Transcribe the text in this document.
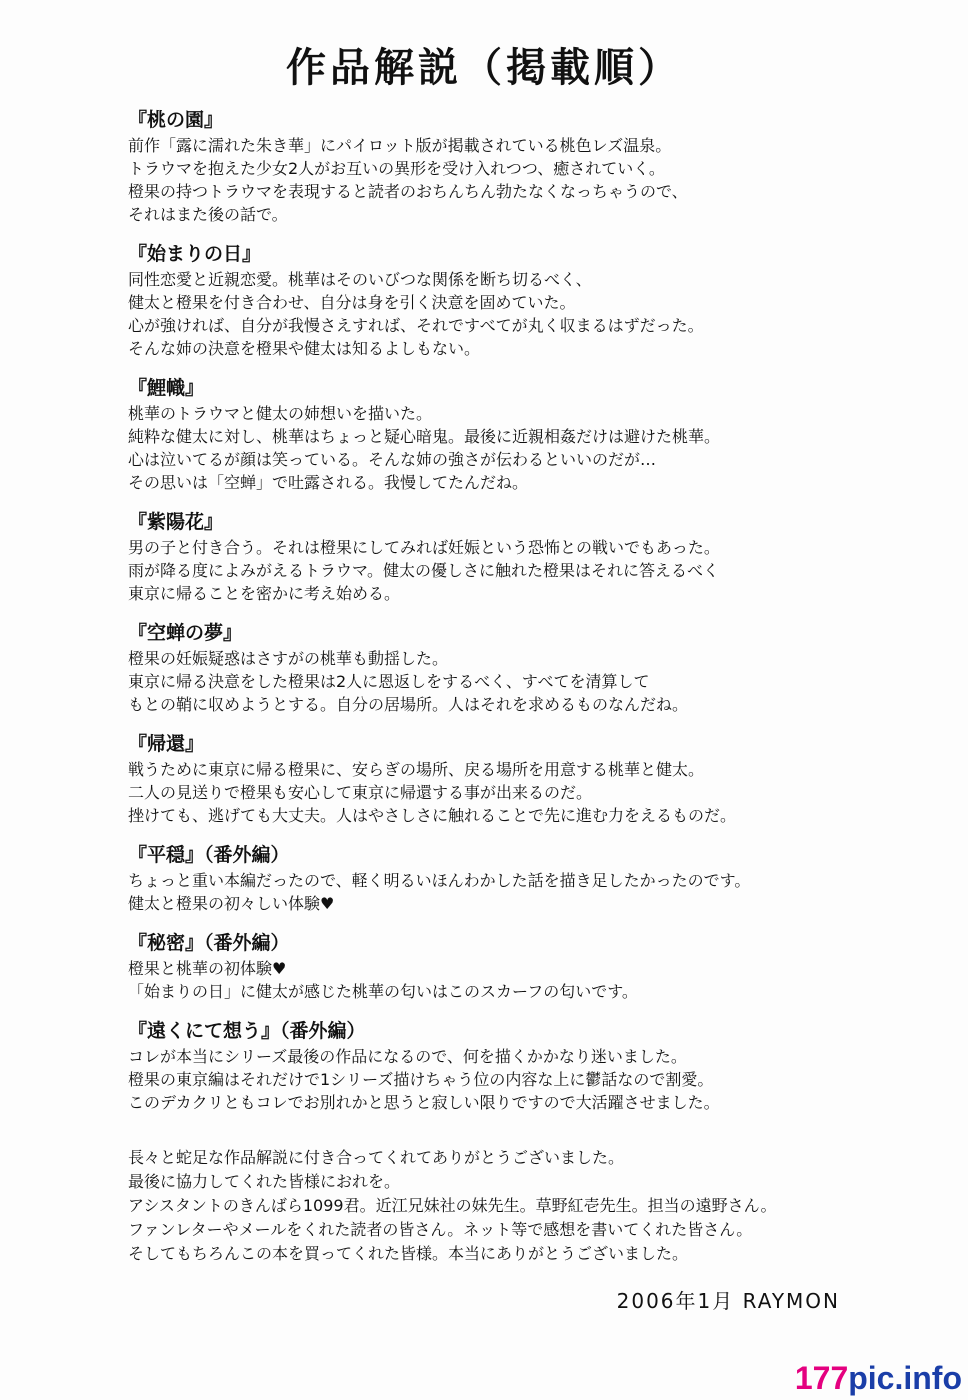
作品解説（掲載順）

『桃の園』

前作「露に濡れた朱き華」にパイロット版が掲載されている桃色レズ温泉。

トラウマを抱えた少女2人がお互いの異形を受け入れつつ、癒されていく。

橙果の持つトラウマを表現すると読者のおちんちん勃たなくなっちゃうので、

それはまた後の話で。

『始まりの日』

同性恋愛と近親恋愛。桃華はそのいびつな関係を断ち切るべく、

健太と橙果を付き合わせ、自分は身を引く決意を固めていた。

心が強ければ、自分が我慢さえすれば、それですべてが丸く収まるはずだった。

そんな姉の決意を橙果や健太は知るよしもない。

『鯉幟』

桃華のトラウマと健太の姉想いを描いた。

純粋な健太に対し、桃華はちょっと疑心暗鬼。最後に近親相姦だけは避けた桃華。

心は泣いてるが顔は笑っている。そんな姉の強さが伝わるといいのだが…

その思いは「空蝉」で吐露される。我慢してたんだね。

『紫陽花』

男の子と付き合う。それは橙果にしてみれば妊娠という恐怖との戦いでもあった。

雨が降る度によみがえるトラウマ。健太の優しさに触れた橙果はそれに答えるべく

東京に帰ることを密かに考え始める。

『空蝉の夢』

橙果の妊娠疑惑はさすがの桃華も動揺した。

東京に帰る決意をした橙果は2人に恩返しをするべく、すべてを清算して

もとの鞘に収めようとする。自分の居場所。人はそれを求めるものなんだね。

『帰還』

戦うために東京に帰る橙果に、安らぎの場所、戻る場所を用意する桃華と健太。

二人の見送りで橙果も安心して東京に帰還する事が出来るのだ。

挫けても、逃げても大丈夫。人はやさしさに触れることで先に進む力をえるものだ。

『平穏』（番外編）

ちょっと重い本編だったので、軽く明るいほんわかした話を描き足したかったのです。

健太と橙果の初々しい体験♥

『秘密』（番外編）

橙果と桃華の初体験♥

「始まりの日」に健太が感じた桃華の匂いはこのスカーフの匂いです。

『遠くにて想う』（番外編）

コレが本当にシリーズ最後の作品になるので、何を描くかかなり迷いました。

橙果の東京編はそれだけで1シリーズ描けちゃう位の内容な上に鬱話なので割愛。

このデカクリともコレでお別れかと思うと寂しい限りですので大活躍させました。

長々と蛇足な作品解説に付き合ってくれてありがとうございました。

最後に協力してくれた皆様におれを。

アシスタントのきんばら1099君。近江兄妹社の妹先生。草野紅壱先生。担当の遠野さん。

ファンレターやメールをくれた読者の皆さん。ネット等で感想を書いてくれた皆さん。

そしてもちろんこの本を買ってくれた皆様。本当にありがとうございました。

2006年1月 RAYMON
177pic.info
